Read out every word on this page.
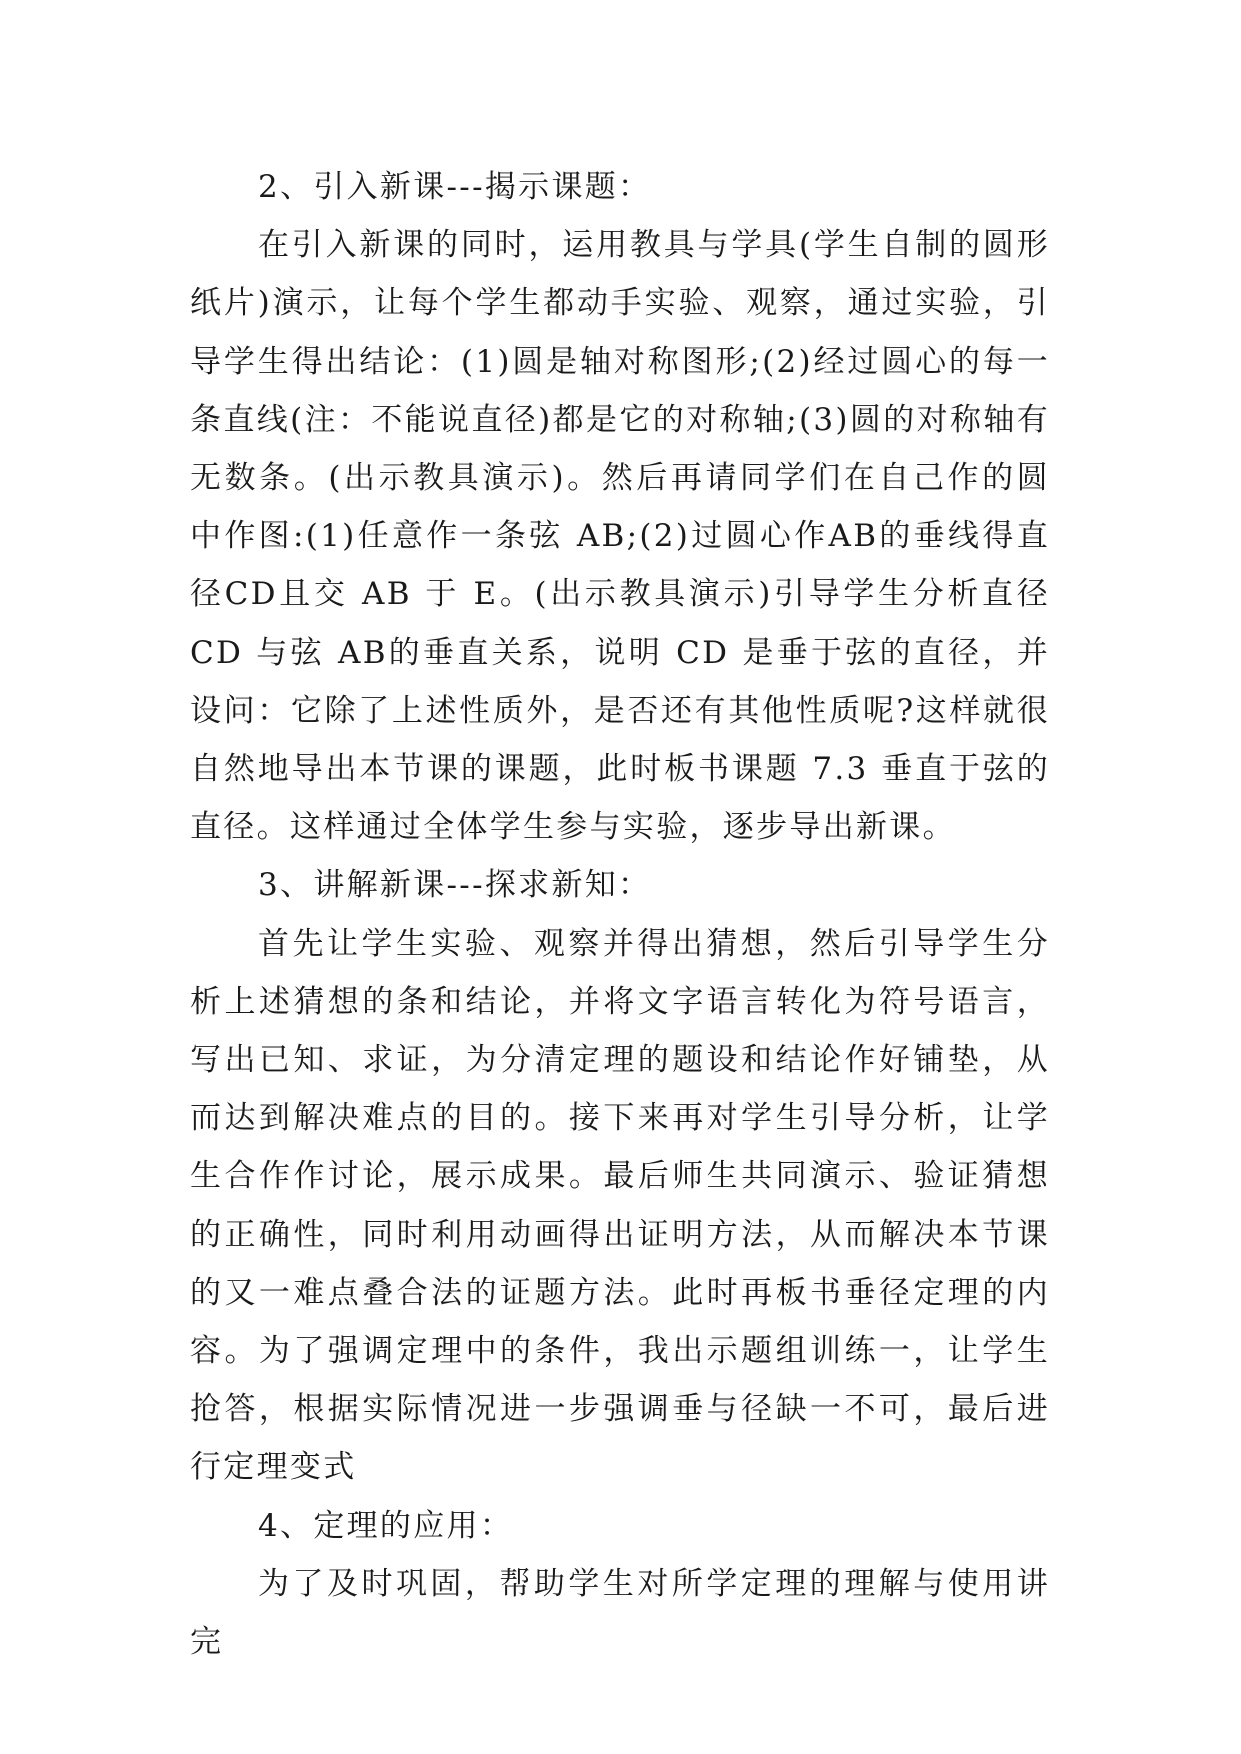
2、引入新课---揭示课题：

在引入新课的同时，运用教具与学具(学生自制的圆形纸片)演示，让每个学生都动手实验、观察，通过实验，引导学生得出结论：(1)圆是轴对称图形;(2)经过圆心的每一条直线(注：不能说直径)都是它的对称轴;(3)圆的对称轴有无数条。(出示教具演示)。然后再请同学们在自己作的圆中作图:(1)任意作一条弦 AB;(2)过圆心作AB的垂线得直径CD且交 AB 于 E。(出示教具演示)引导学生分析直径 CD 与弦 AB的垂直关系，说明 CD 是垂于弦的直径，并设问：它除了上述性质外，是否还有其他性质呢?这样就很自然地导出本节课的课题，此时板书课题 7.3 垂直于弦的直径。这样通过全体学生参与实验，逐步导出新课。

3、讲解新课---探求新知：

首先让学生实验、观察并得出猜想，然后引导学生分析上述猜想的条和结论，并将文字语言转化为符号语言，写出已知、求证，为分清定理的题设和结论作好铺垫，从而达到解决难点的目的。接下来再对学生引导分析，让学生合作作讨论，展示成果。最后师生共同演示、验证猜想的正确性，同时利用动画得出证明方法，从而解决本节课的又一难点叠合法的证题方法。此时再板书垂径定理的内容。为了强调定理中的条件，我出示题组训练一，让学生抢答，根据实际情况进一步强调垂与径缺一不可，最后进行定理变式

4、定理的应用：

为了及时巩固，帮助学生对所学定理的理解与使用讲完
